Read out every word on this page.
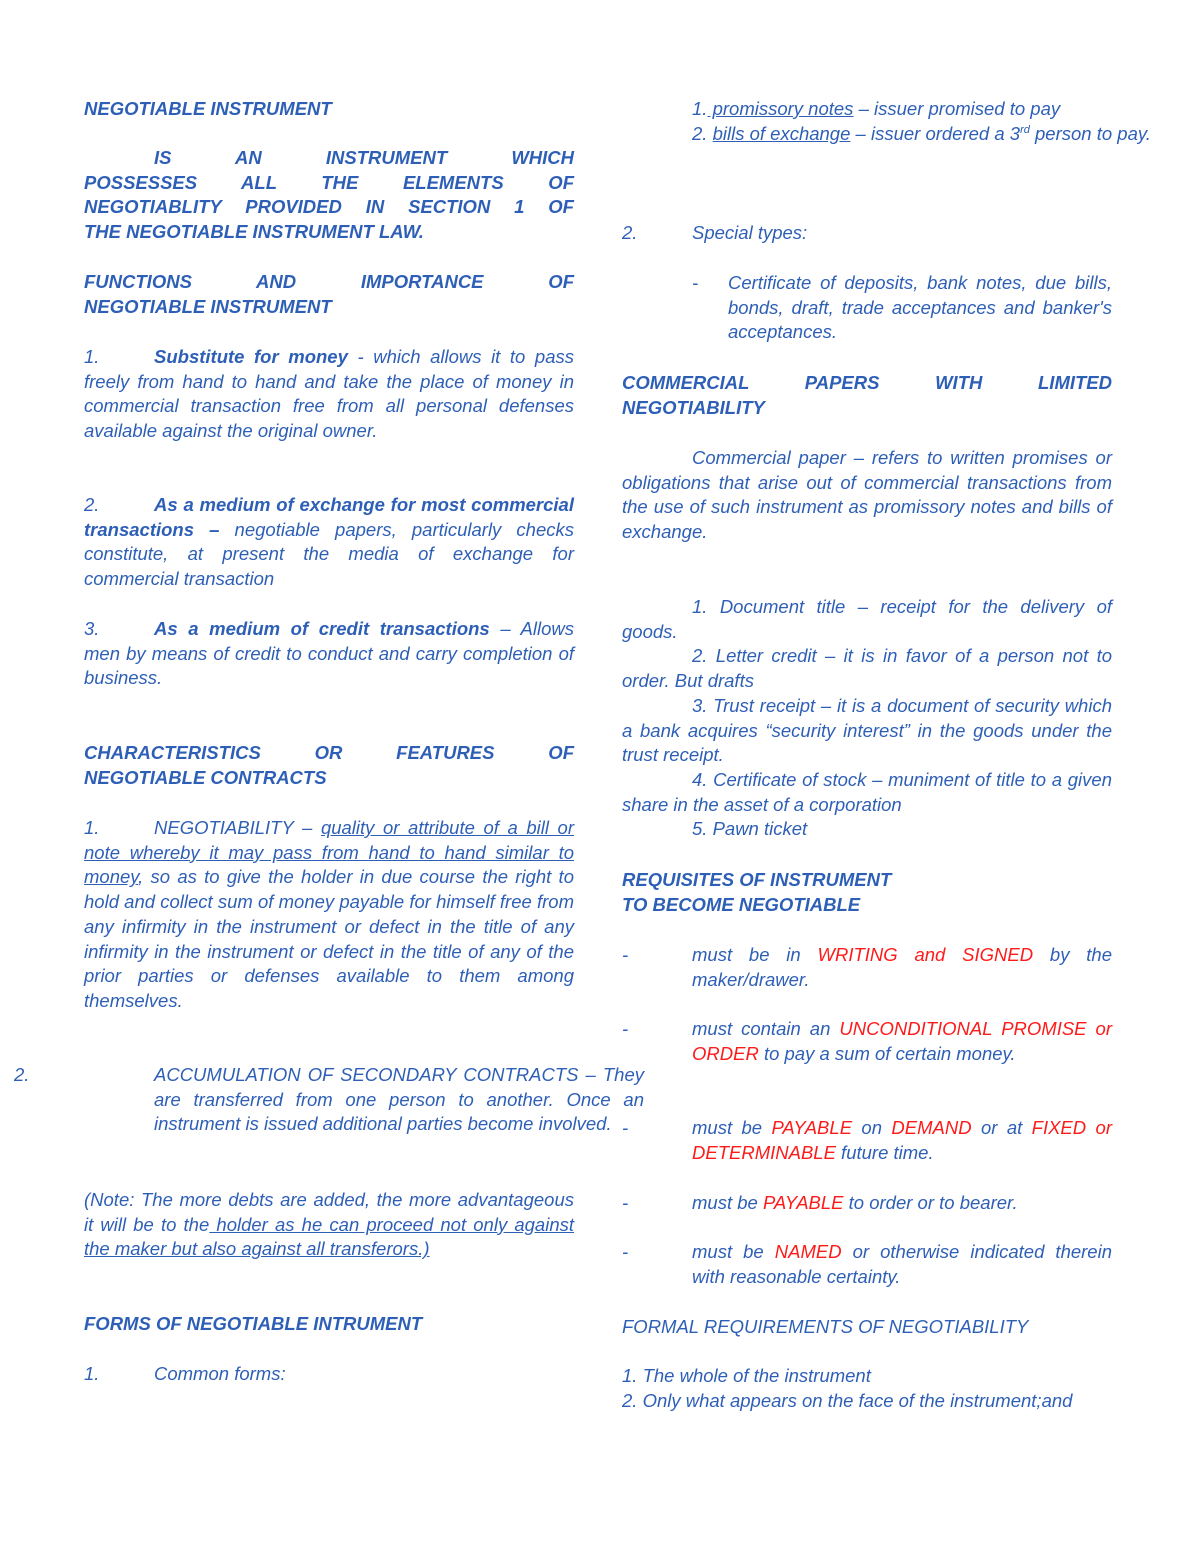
NEGOTIABLE INSTRUMENT
IS AN INSTRUMENT WHICH
POSSESSES ALL THE ELEMENTS OF
NEGOTIABLITY PROVIDED IN SECTION 1 OF
THE NEGOTIABLE INSTRUMENT LAW.
FUNCTIONS AND IMPORTANCE OF
NEGOTIABLE INSTRUMENT
1.	Substitute for money - which allows it to pass freely from hand to hand and take the place of money in commercial transaction free from all personal defenses available against the original owner.
2.	As a medium of exchange for most commercial transactions – negotiable papers, particularly checks constitute, at present the media of exchange for commercial transaction
3.	As a medium of credit transactions – Allows men by means of credit to conduct and carry completion of business.
CHARACTERISTICS OR FEATURES OF
NEGOTIABLE CONTRACTS
1.	NEGOTIABILITY – quality or attribute of a bill or note whereby it may pass from hand to hand similar to money, so as to give the holder in due course the right to hold and collect sum of money payable for himself free from any infirmity in the instrument or defect in the title of any infirmity in the instrument or defect in the title of any of the prior parties or defenses available to them among themselves.
2.	ACCUMULATION OF SECONDARY CONTRACTS – They are transferred from one person to another. Once an instrument is issued additional parties become involved.
(Note: The more debts are added, the more advantageous it will be to the holder as he can proceed not only against the maker but also against all transferors.)
FORMS OF NEGOTIABLE INTRUMENT
1.	Common forms:
1. promissory notes – issuer promised to pay
2. bills of exchange – issuer ordered a 3rd person to pay.
2.	Special types:
- Certificate of deposits, bank notes, due bills, bonds, draft, trade acceptances and banker's acceptances.
COMMERCIAL PAPERS WITH LIMITED
NEGOTIABILITY
Commercial paper – refers to written promises or obligations that arise out of commercial transactions from the use of such instrument as promissory notes and bills of exchange.
1. Document title – receipt for the delivery of goods.
2. Letter credit – it is in favor of a person not to order. But drafts
3. Trust receipt – it is a document of security which a bank acquires “security interest” in the goods under the trust receipt.
4. Certificate of stock – muniment of title to a given share in the asset of a corporation
5. Pawn ticket
REQUISITES OF INSTRUMENT
TO BECOME NEGOTIABLE
-	must be in WRITING and SIGNED by the maker/drawer.
-	must contain an UNCONDITIONAL PROMISE or ORDER to pay a sum of certain money.
-	must be PAYABLE on DEMAND or at FIXED or DETERMINABLE future time.
-	must be PAYABLE to order or to bearer.
-	must be NAMED or otherwise indicated therein with reasonable certainty.
FORMAL REQUIREMENTS OF NEGOTIABILITY
1. The whole of the instrument
2. Only what appears on the face of the instrument;and
